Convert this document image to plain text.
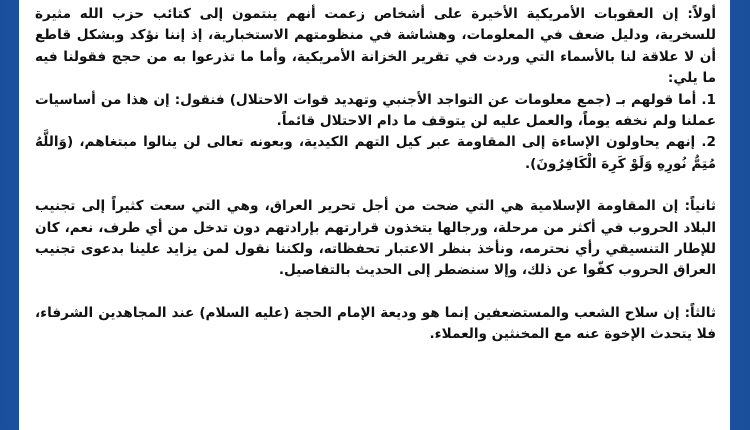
أولاً: إن العقوبات الأمريكية الأخيرة على أشخاص زعمت أنهم ينتمون إلى كتائب حزب الله مثيرة للسخرية، ودليل ضعف في المعلومات، وهشاشة في منظومتهم الاستخبارية، إذ إننا نؤكد وبشكل قاطع أن لا علاقة لنا بالأسماء التي وردت في تقرير الخزانة الأمريكية، وأما ما تذرعوا به من حجج فقولنا فيه ما يلي:

1. أما قولهم بـ (جمع معلومات عن التواجد الأجنبي وتهديد قوات الاحتلال) فنقول: إن هذا من أساسيات عملنا ولم نخفه يوماً، والعمل عليه لن يتوقف ما دام الاحتلال قائماً.

2. إنهم يحاولون الإساءة إلى المقاومة عبر كيل التهم الكيدية، وبعونه تعالى لن ينالوا مبتغاهم، (وَاللَّهُ مُتِمُّ نُورِهِ وَلَوْ كَرِهَ الْكَافِرُونَ).

ثانياً: إن المقاومة الإسلامية هي التي ضحت من أجل تحرير العراق، وهي التي سعت كثيراً إلى تجنيب البلاد الحروب في أكثر من مرحلة، ورجالها يتخذون قرارتهم بإرادتهم دون تدخل من أي طرف، نعم، كان للإطار التنسيقي رأي نحترمه، ونأخذ بنظر الاعتبار تحفظاته، ولكننا نقول لمن يزايد علينا بدعوى تجنيب العراق الحروب كفّوا عن ذلك، وإلا سنضطر إلى الحديث بالتفاصيل.

ثالثاً: إن سلاح الشعب والمستضعفين إنما هو وديعة الإمام الحجة (عليه السلام) عند المجاهدين الشرفاء، فلا يتحدث الإخوة عنه مع المخنثين والعملاء.
